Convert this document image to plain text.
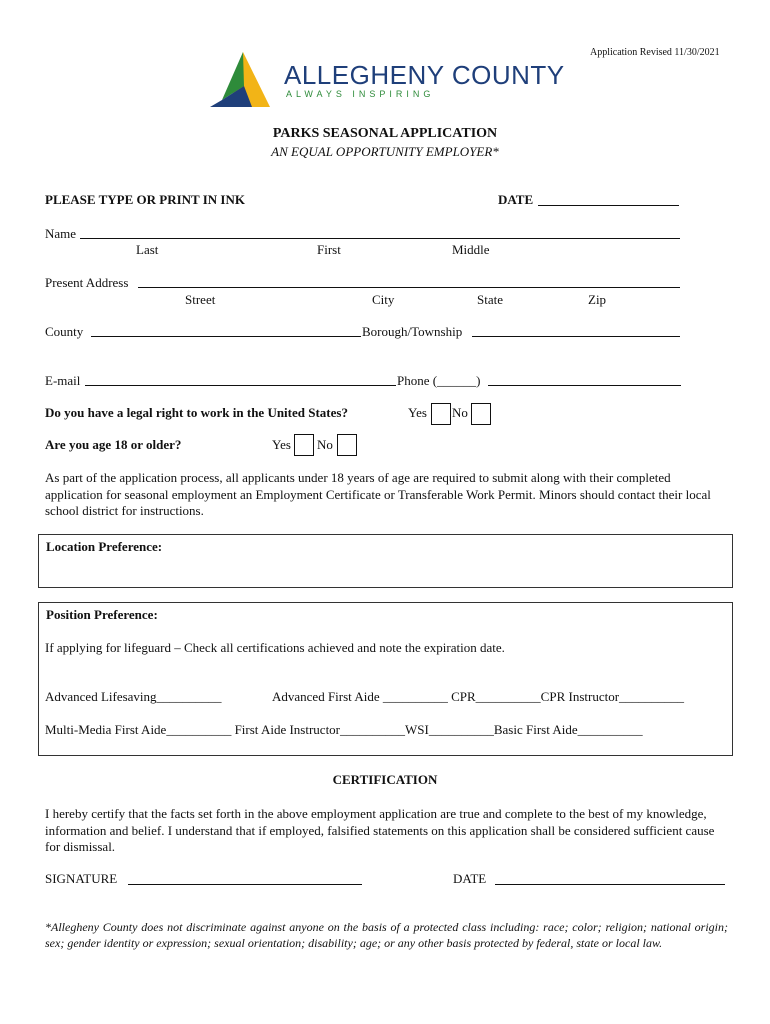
Application Revised 11/30/2021
ALLEGHENY COUNTY
ALWAYS INSPIRING
PARKS SEASONAL APPLICATION
AN EQUAL OPPORTUNITY EMPLOYER*
PLEASE TYPE OR PRINT IN INK	DATE
Name
Last	First	Middle
Present Address
Street	City	State	Zip
County	Borough/Township
E-mail	Phone (______)
Do you have a legal right to work in the United States?	Yes No
Are you age 18 or older?	Yes No
As part of the application process, all applicants under 18 years of age are required to submit along with their completed application for seasonal employment an Employment Certificate or Transferable Work Permit. Minors should contact their local school district for instructions.
Location Preference:
Position Preference:
If applying for lifeguard – Check all certifications achieved and note the expiration date.
Advanced Lifesaving__________	Advanced First Aide __________ CPR__________CPR Instructor__________
Multi-Media First Aide__________ First Aide Instructor__________WSI__________Basic First Aide__________
CERTIFICATION
I hereby certify that the facts set forth in the above employment application are true and complete to the best of my knowledge, information and belief. I understand that if employed, falsified statements on this application shall be considered sufficient cause for dismissal.
SIGNATURE	DATE
*Allegheny County does not discriminate against anyone on the basis of a protected class including: race; color; religion; national origin; sex; gender identity or expression; sexual orientation; disability; age; or any other basis protected by federal, state or local law.
